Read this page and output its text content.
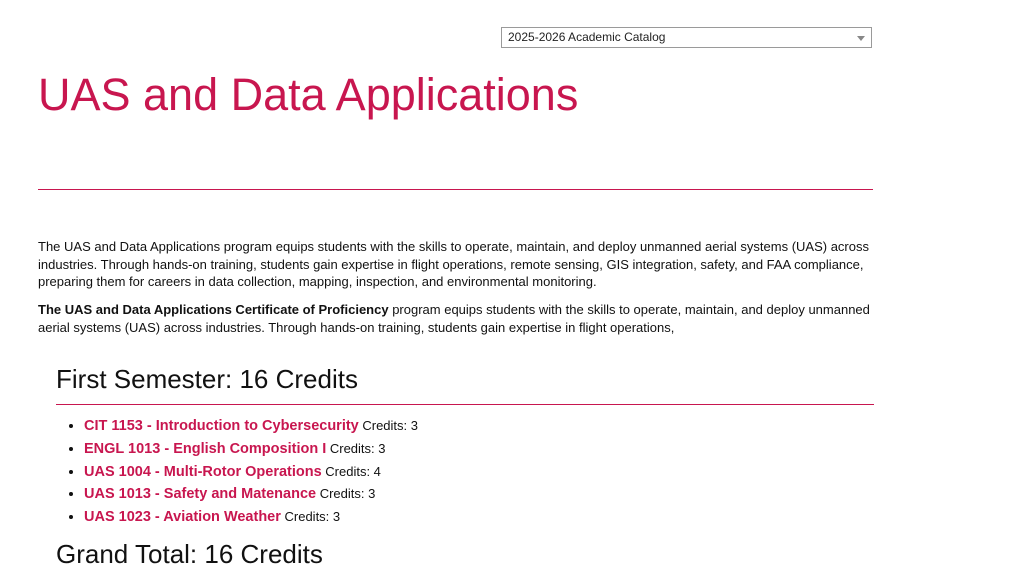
2025-2026 Academic Catalog
UAS and Data Applications

The UAS and Data Applications program equips students with the skills to operate, maintain, and deploy unmanned aerial systems (UAS) across industries. Through hands-on training, students gain expertise in flight operations, remote sensing, GIS integration, safety, and FAA compliance, preparing them for careers in data collection, mapping, inspection, and environmental monitoring.

The UAS and Data Applications Certificate of Proficiency program equips students with the skills to operate, maintain, and deploy unmanned aerial systems (UAS) across industries. Through hands-on training, students gain expertise in flight operations,

First Semester: 16 Credits
• CIT 1153 - Introduction to Cybersecurity Credits: 3
• ENGL 1013 - English Composition I Credits: 3
• UAS 1004 - Multi-Rotor Operations Credits: 4
• UAS 1013 - Safety and Matenance Credits: 3
• UAS 1023 - Aviation Weather Credits: 3
Grand Total: 16 Credits
